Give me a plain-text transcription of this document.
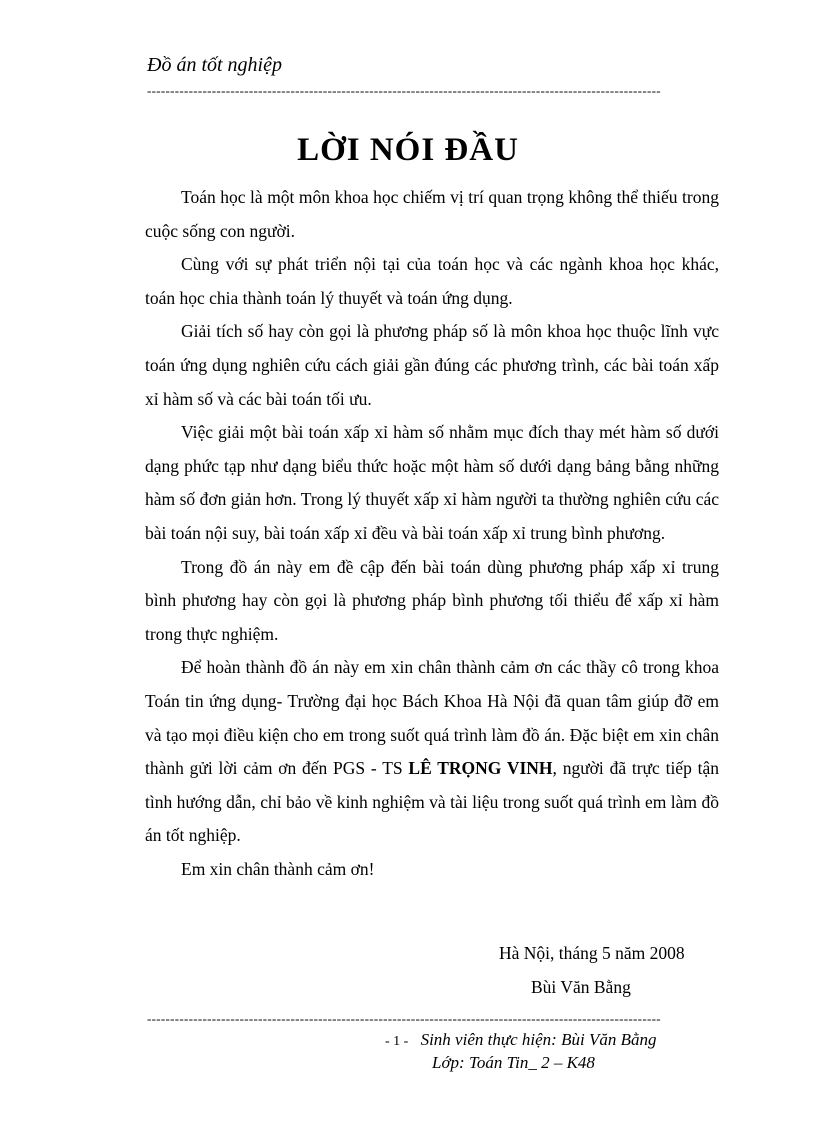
Đồ án tốt nghiệp
---------------------------------------------------------------------------------------------------------------
LỜI NÓI ĐẦU

Toán học là một môn khoa học chiếm vị trí quan trọng không thể thiếu trong cuộc sống con người.

Cùng với sự phát triển nội tại của toán học và các ngành khoa học khác, toán học chia thành toán lý thuyết và toán ứng dụng.

Giải tích số hay còn gọi là phương pháp số là môn khoa học thuộc lĩnh vực toán ứng dụng nghiên cứu cách giải gần đúng các phương trình, các bài toán xấp xỉ hàm số và các bài toán tối ưu.

Việc giải một bài toán xấp xỉ hàm số nhằm mục đích thay mét hàm số dưới dạng phức tạp như dạng biểu thức hoặc một hàm số dưới dạng bảng bằng những hàm số đơn giản hơn. Trong lý thuyết xấp xỉ hàm người ta thường nghiên cứu các bài toán nội suy, bài toán xấp xỉ đều và bài toán xấp xỉ trung bình phương.

Trong đồ án này em đề cập đến bài toán dùng phương pháp xấp xỉ trung bình phương hay còn gọi là phương pháp bình phương tối thiểu để xấp xỉ hàm trong thực nghiệm.

Để hoàn thành đồ án này em xin chân thành cảm ơn các thầy cô trong khoa Toán tin ứng dụng- Trường đại học Bách Khoa Hà Nội đã quan tâm giúp đỡ em và tạo mọi điều kiện cho em trong suốt quá trình làm đồ án. Đặc biệt em xin chân thành gửi lời cảm ơn đến PGS - TS LÊ TRỌNG VINH, người đã trực tiếp tận tình hướng dẫn, chỉ bảo về kinh nghiệm và tài liệu trong suốt quá trình em làm đồ án tốt nghiệp.

Em xin chân thành cảm ơn!

Hà Nội, tháng 5 năm 2008
Bùi Văn Bằng
---------------------------------------------------------------------------------------------------------------
- 1 - Sinh viên thực hiện: Bùi Văn Bằng
Lớp: Toán Tin_ 2 – K48
